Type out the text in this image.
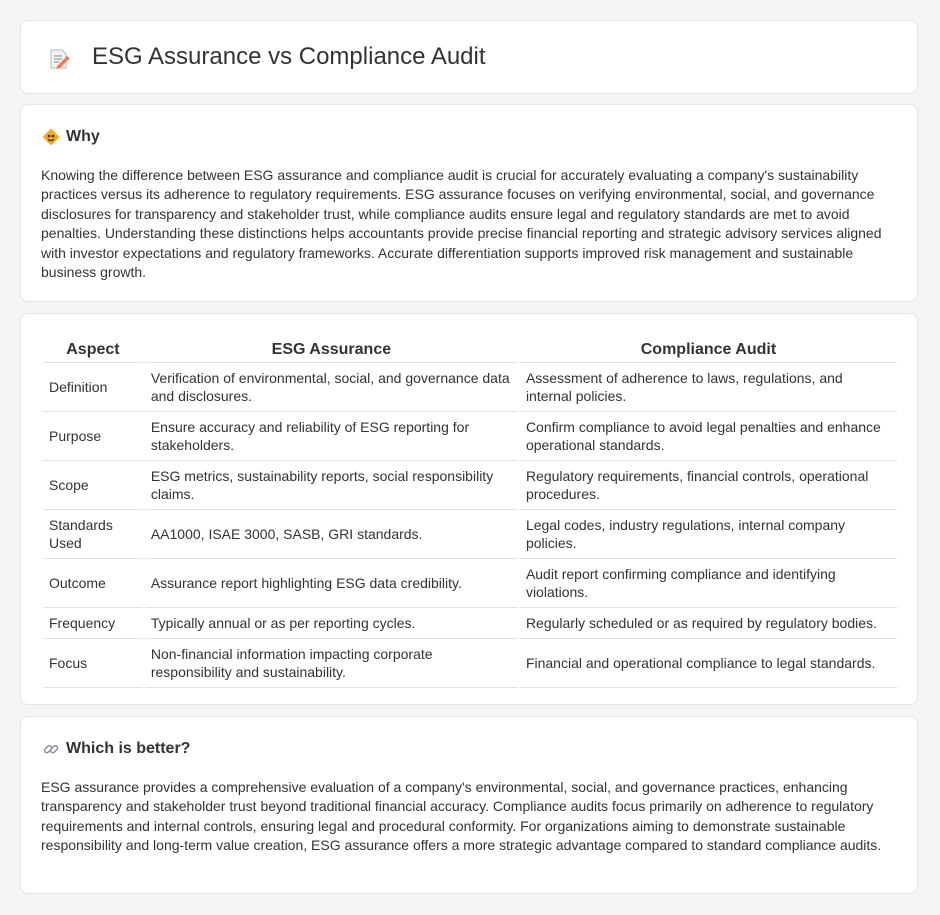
ESG Assurance vs Compliance Audit
Why

Knowing the difference between ESG assurance and compliance audit is crucial for accurately evaluating a company's sustainability practices versus its adherence to regulatory requirements. ESG assurance focuses on verifying environmental, social, and governance disclosures for transparency and stakeholder trust, while compliance audits ensure legal and regulatory standards are met to avoid penalties. Understanding these distinctions helps accountants provide precise financial reporting and strategic advisory services aligned with investor expectations and regulatory frameworks. Accurate differentiation supports improved risk management and sustainable business growth.

Aspect	ESG Assurance	Compliance Audit
Definition	Verification of environmental, social, and governance data and disclosures.	Assessment of adherence to laws, regulations, and internal policies.
Purpose	Ensure accuracy and reliability of ESG reporting for stakeholders.	Confirm compliance to avoid legal penalties and enhance operational standards.
Scope	ESG metrics, sustainability reports, social responsibility claims.	Regulatory requirements, financial controls, operational procedures.
Standards Used	AA1000, ISAE 3000, SASB, GRI standards.	Legal codes, industry regulations, internal company policies.
Outcome	Assurance report highlighting ESG data credibility.	Audit report confirming compliance and identifying violations.
Frequency	Typically annual or as per reporting cycles.	Regularly scheduled or as required by regulatory bodies.
Focus	Non-financial information impacting corporate responsibility and sustainability.	Financial and operational compliance to legal standards.
Which is better?

ESG assurance provides a comprehensive evaluation of a company's environmental, social, and governance practices, enhancing transparency and stakeholder trust beyond traditional financial accuracy. Compliance audits focus primarily on adherence to regulatory requirements and internal controls, ensuring legal and procedural conformity. For organizations aiming to demonstrate sustainable responsibility and long-term value creation, ESG assurance offers a more strategic advantage compared to standard compliance audits.
